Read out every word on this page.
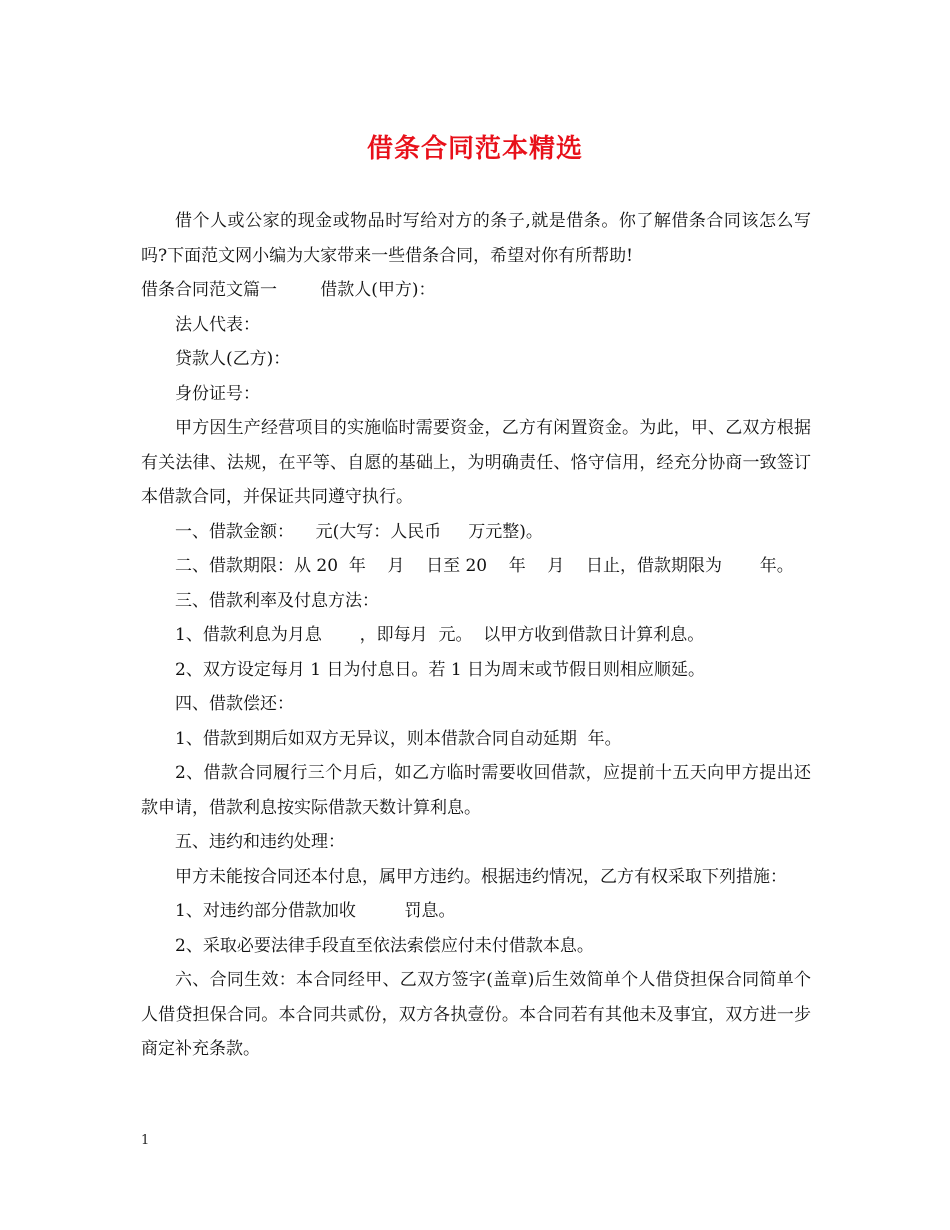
借条合同范本精选

借个人或公家的现金或物品时写给对方的条子,就是借条。你了解借条合同该怎么写吗?下面范文网小编为大家带来一些借条合同，希望对你有所帮助!

借条合同范文篇一        借款人(甲方)：

法人代表：

贷款人(乙方)：

身份证号：

甲方因生产经营项目的实施临时需要资金，乙方有闲置资金。为此，甲、乙双方根据有关法律、法规，在平等、自愿的基础上，为明确责任、恪守信用，经充分协商一致签订本借款合同，并保证共同遵守执行。

一、借款金额：    元(大写：人民币     万元整)。

二、借款期限：从 20  年    月    日至 20    年    月    日止，借款期限为       年。

三、借款利率及付息方法：

1、借款利息为月息       ，即每月  元。  以甲方收到借款日计算利息。

2、双方设定每月 1 日为付息日。若 1 日为周末或节假日则相应顺延。

四、借款偿还：

1、借款到期后如双方无异议，则本借款合同自动延期  年。

2、借款合同履行三个月后，如乙方临时需要收回借款，应提前十五天向甲方提出还款申请，借款利息按实际借款天数计算利息。

五、违约和违约处理：

甲方未能按合同还本付息，属甲方违约。根据违约情况，乙方有权采取下列措施：

1、对违约部分借款加收         罚息。

2、采取必要法律手段直至依法索偿应付未付借款本息。

六、合同生效：本合同经甲、乙双方签字(盖章)后生效简单个人借贷担保合同简单个人借贷担保合同。本合同共贰份，双方各执壹份。本合同若有其他未及事宜，双方进一步商定补充条款。

1
